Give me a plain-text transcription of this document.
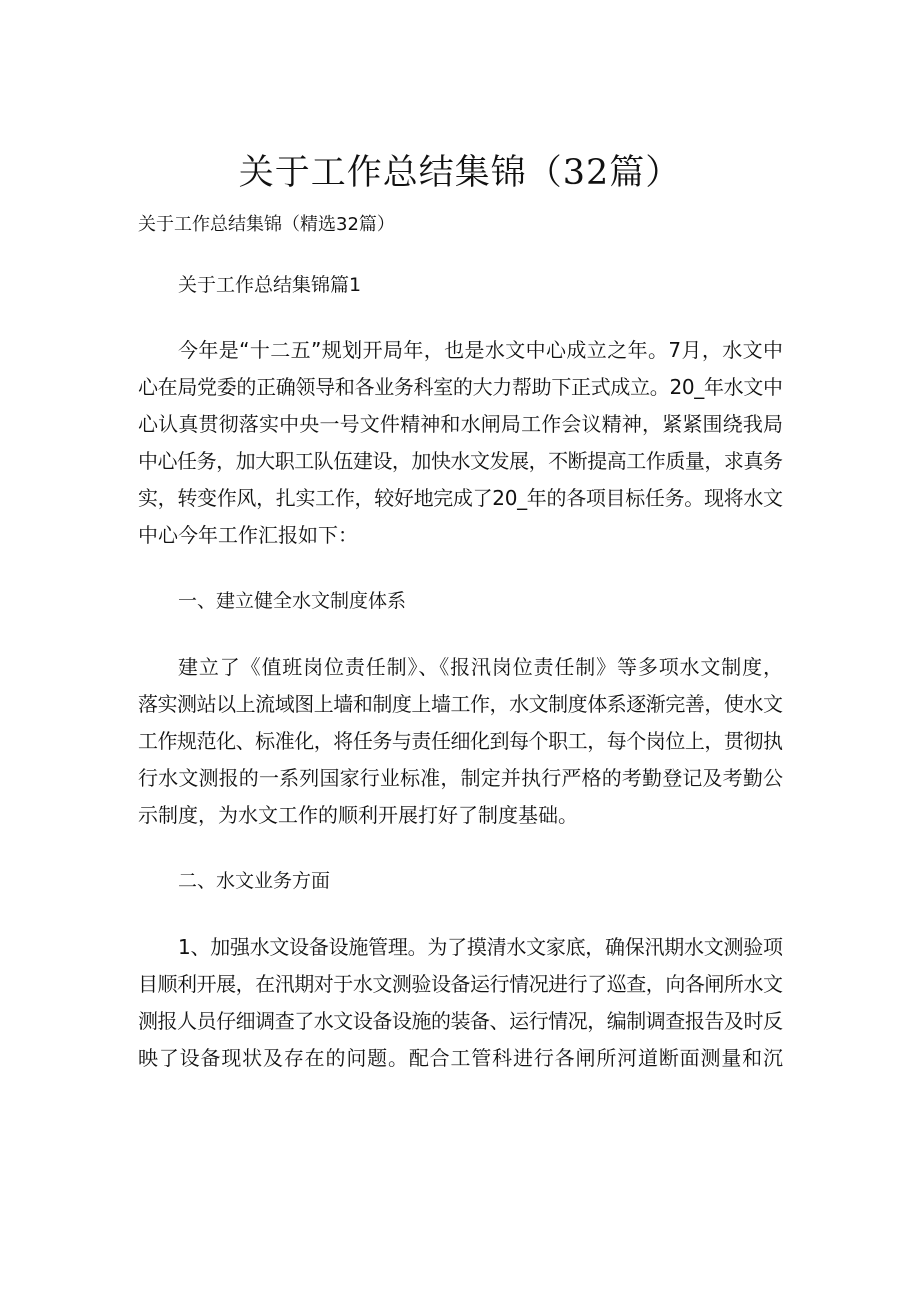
关于工作总结集锦（32篇）

关于工作总结集锦（精选32篇）

关于工作总结集锦篇1

今年是“十二五”规划开局年，也是水文中心成立之年。7月，水文中

心在局党委的正确领导和各业务科室的大力帮助下正式成立。20_年水文中

心认真贯彻落实中央一号文件精神和水闸局工作会议精神，紧紧围绕我局

中心任务，加大职工队伍建设，加快水文发展，不断提高工作质量，求真务

实，转变作风，扎实工作，较好地完成了20_年的各项目标任务。现将水文

中心今年工作汇报如下：

一、建立健全水文制度体系

建立了《值班岗位责任制》、《报汛岗位责任制》等多项水文制度，

落实测站以上流域图上墙和制度上墙工作，水文制度体系逐渐完善，使水文

工作规范化、标准化，将任务与责任细化到每个职工，每个岗位上，贯彻执

行水文测报的一系列国家行业标准，制定并执行严格的考勤登记及考勤公

示制度，为水文工作的顺利开展打好了制度基础。

二、水文业务方面

1、加强水文设备设施管理。为了摸清水文家底，确保汛期水文测验项

目顺利开展，在汛期对于水文测验设备运行情况进行了巡查，向各闸所水文

测报人员仔细调查了水文设备设施的装备、运行情况，编制调查报告及时反

映了设备现状及存在的问题。配合工管科进行各闸所河道断面测量和沉
